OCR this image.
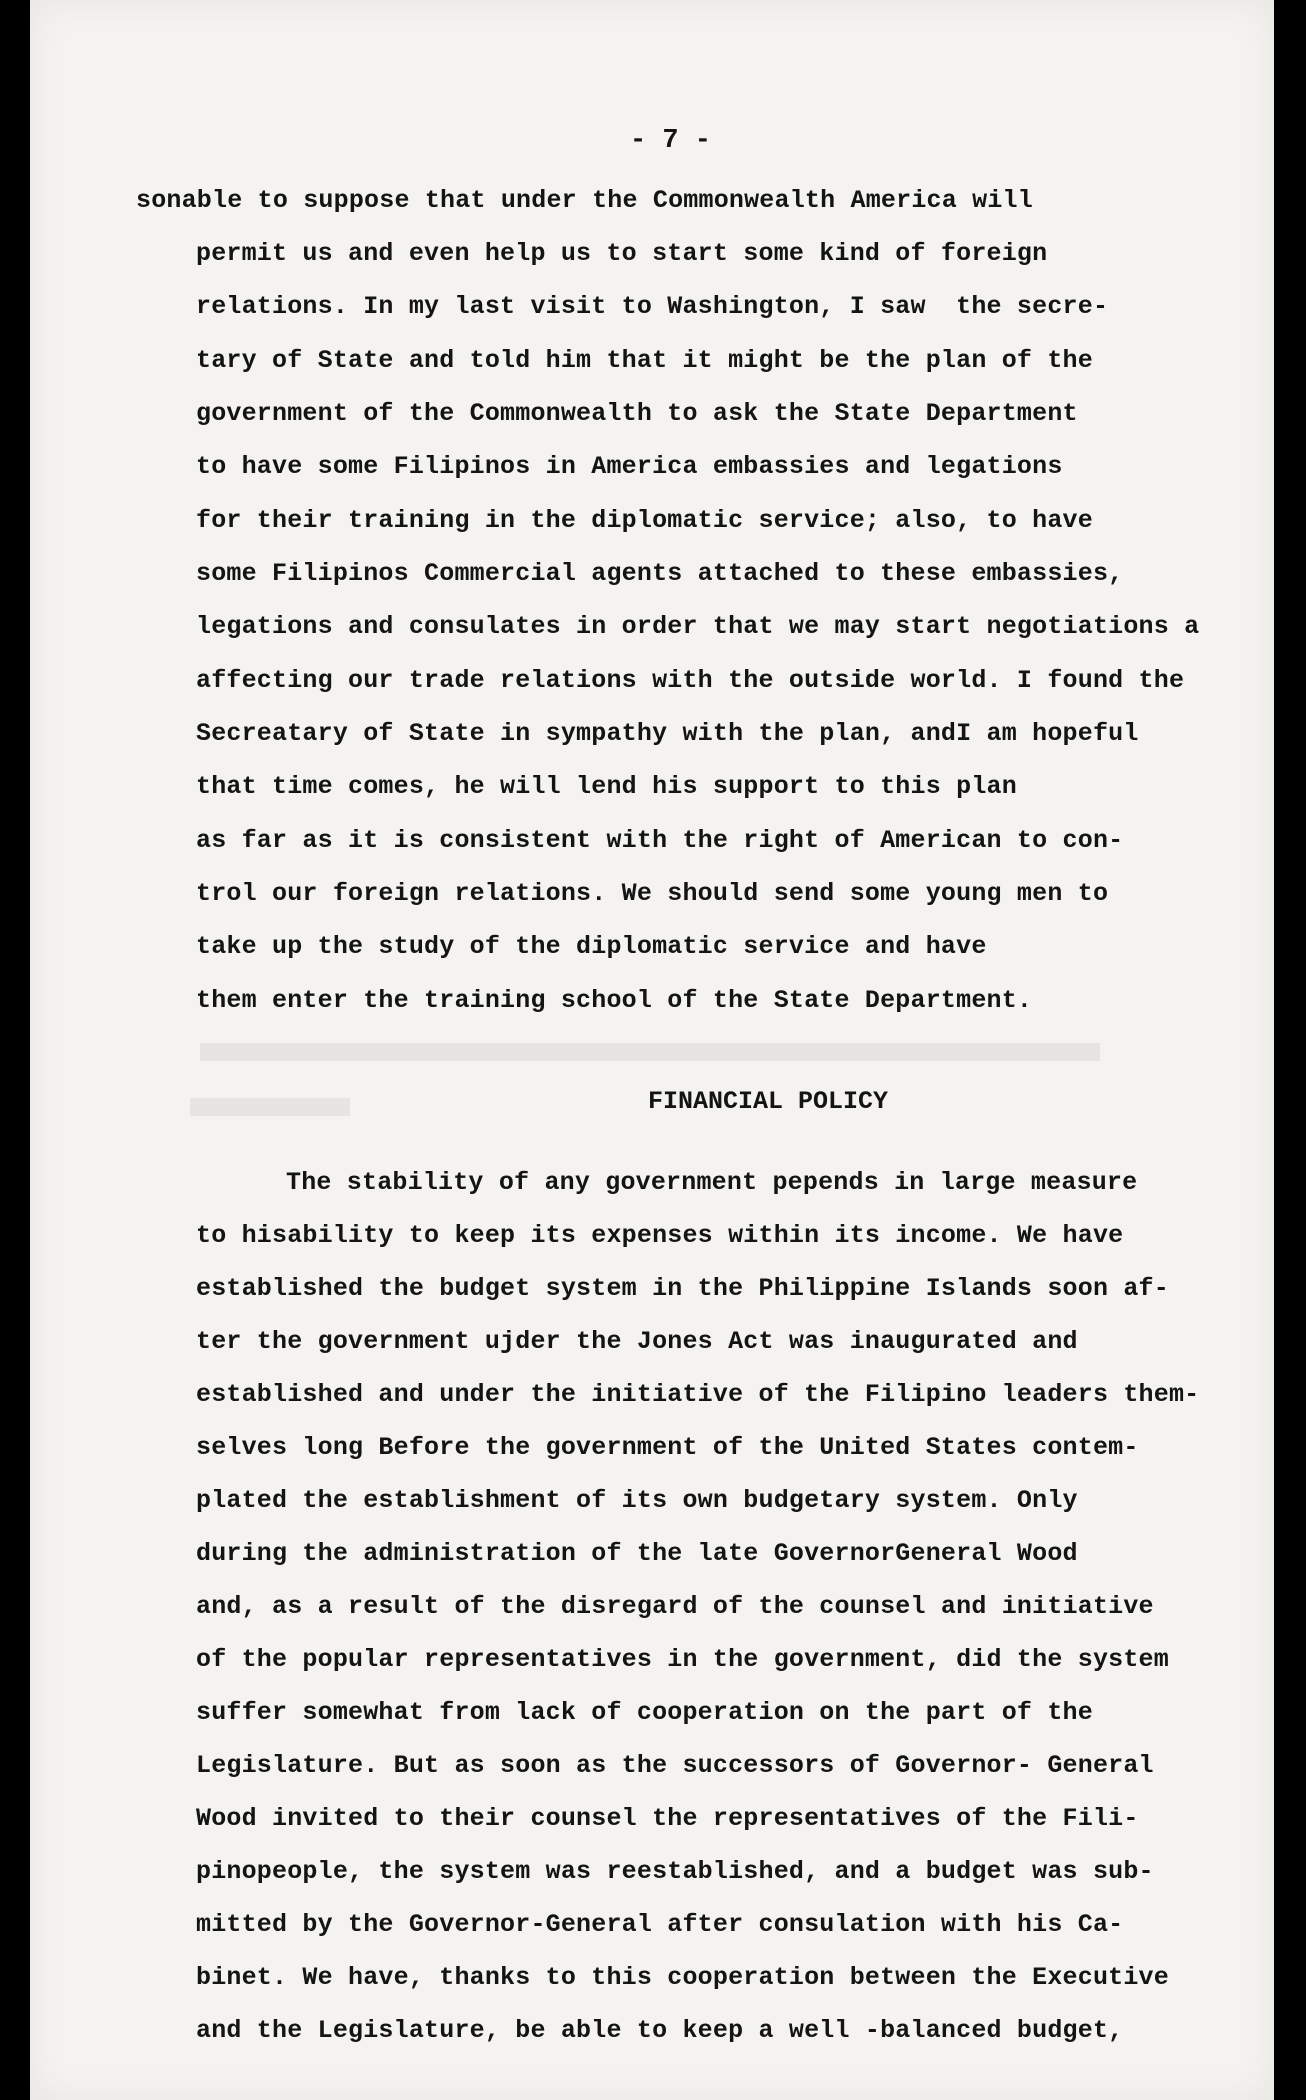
- 7 -
sonable to suppose that under the Commonwealth America will
permit us and even help us to start some kind of foreign
relations. In my last visit to Washington, I saw  the secre-
tary of State and told him that it might be the plan of the
government of the Commonwealth to ask the State Department
to have some Filipinos in America embassies and legations
for their training in the diplomatic service; also, to have
some Filipinos Commercial agents attached to these embassies,
legations and consulates in order that we may start negotiations a
affecting our trade relations with the outside world. I found the
Secreatary of State in sympathy with the plan, andI am hopeful
that time comes, he will lend his support to this plan
as far as it is consistent with the right of American to con-
trol our foreign relations. We should send some young men to
take up the study of the diplomatic service and have
them enter the training school of the State Department.
FINANCIAL POLICY
The stability of any government pepends in large measure
to hisability to keep its expenses within its income. We have
established the budget system in the Philippine Islands soon af-
ter the government ujder the Jones Act was inaugurated and
established and under the initiative of the Filipino leaders them-
selves long Before the government of the United States contem-
plated the establishment of its own budgetary system. Only
during the administration of the late GovernorGeneral Wood
and, as a result of the disregard of the counsel and initiative
of the popular representatives in the government, did the system
suffer somewhat from lack of cooperation on the part of the
Legislature. But as soon as the successors of Governor- General
Wood invited to their counsel the representatives of the Fili-
pinopeople, the system was reestablished, and a budget was sub-
mitted by the Governor-General after consulation with his Ca-
binet. We have, thanks to this cooperation between the Executive
and the Legislature, be able to keep a well -balanced budget,
